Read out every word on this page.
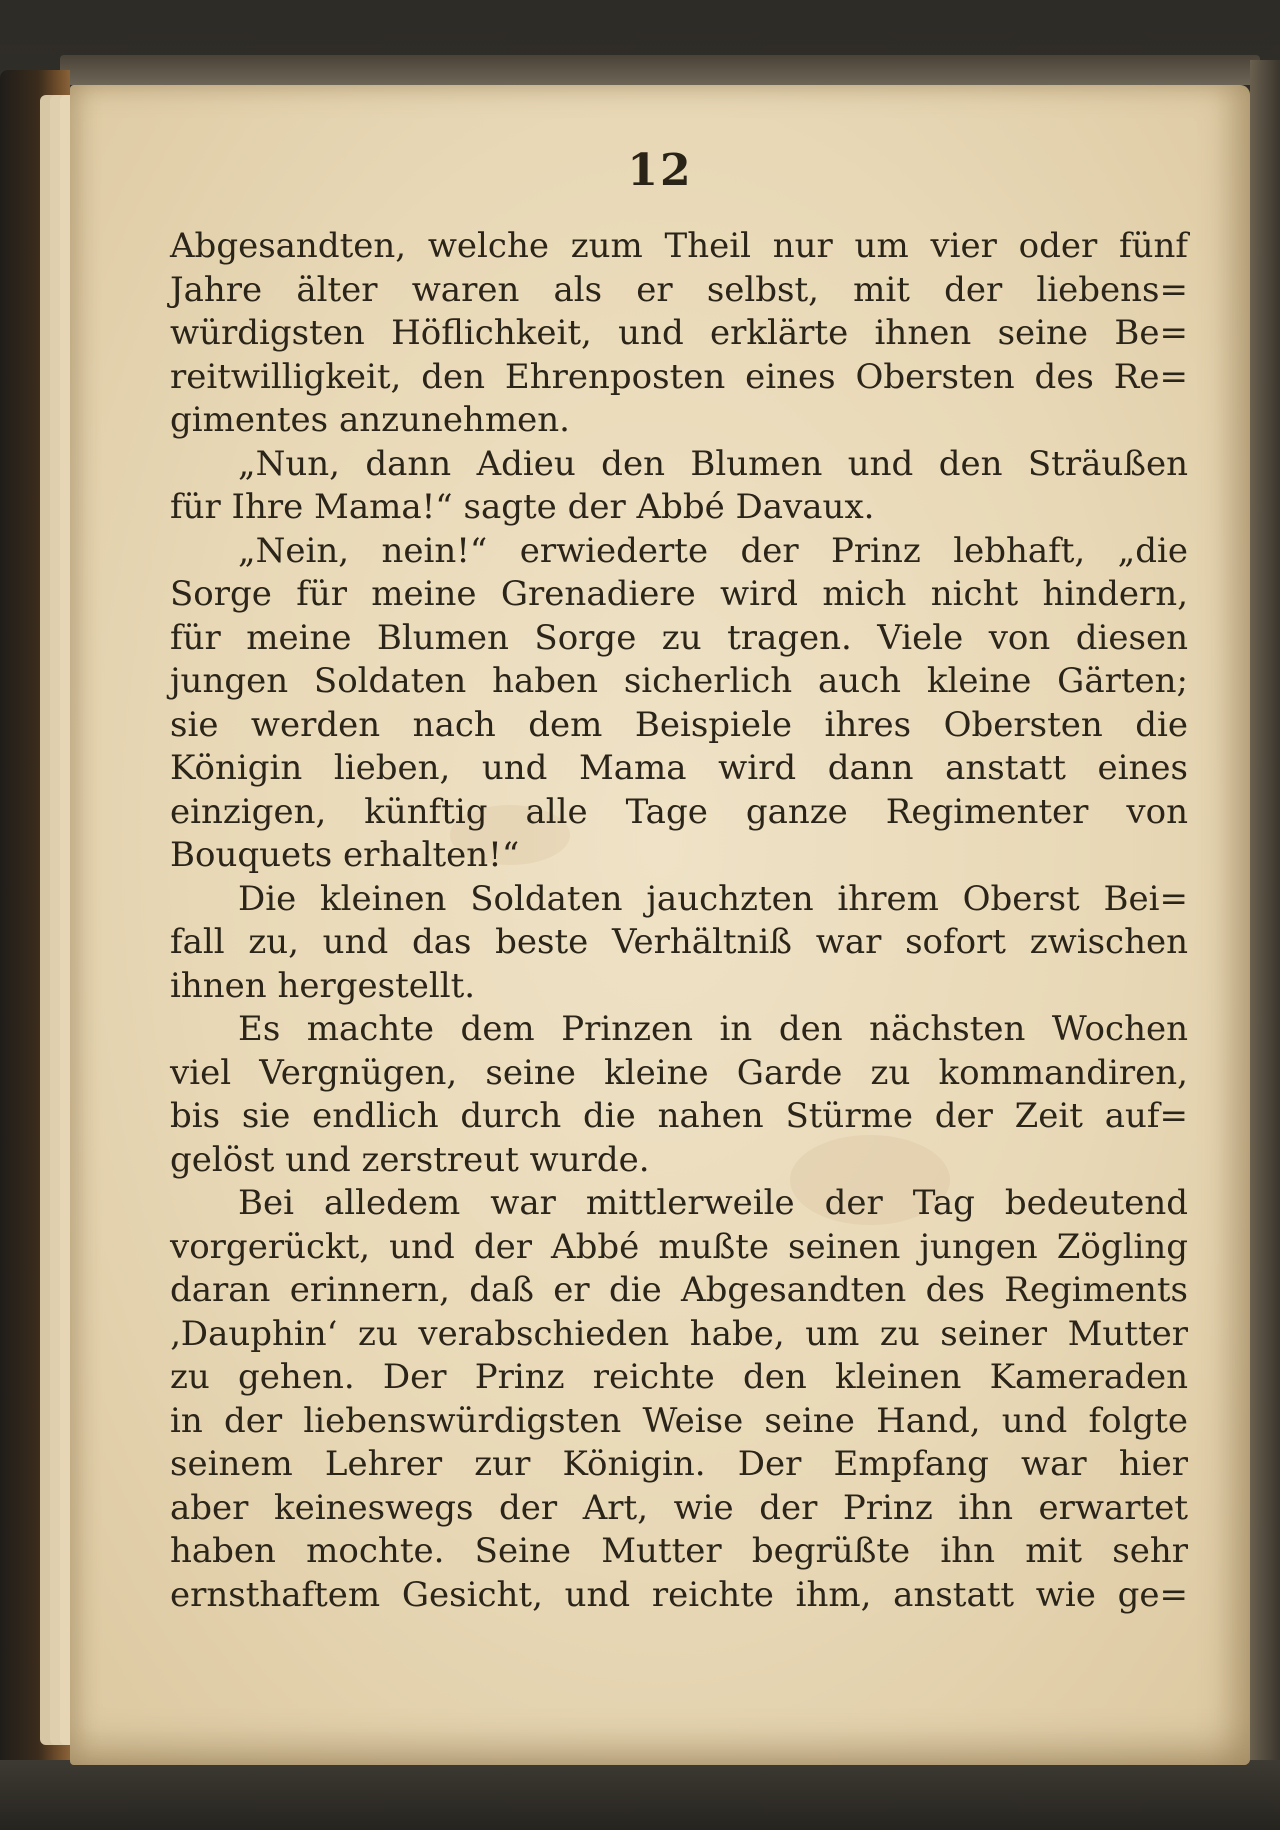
12
Abgesandten, welche zum Theil nur um vier oder fünf
Jahre älter waren als er selbst, mit der liebens=
würdigsten Höflichkeit, und erklärte ihnen seine Be=
reitwilligkeit, den Ehrenposten eines Obersten des Re=
gimentes anzunehmen.
„Nun, dann Adieu den Blumen und den Sträußen
für Ihre Mama!“ sagte der Abbé Davaux.
„Nein, nein!“ erwiederte der Prinz lebhaft, „die
Sorge für meine Grenadiere wird mich nicht hindern,
für meine Blumen Sorge zu tragen. Viele von diesen
jungen Soldaten haben sicherlich auch kleine Gärten;
sie werden nach dem Beispiele ihres Obersten die
Königin lieben, und Mama wird dann anstatt eines
einzigen, künftig alle Tage ganze Regimenter von
Bouquets erhalten!“
Die kleinen Soldaten jauchzten ihrem Oberst Bei=
fall zu, und das beste Verhältniß war sofort zwischen
ihnen hergestellt.
Es machte dem Prinzen in den nächsten Wochen
viel Vergnügen, seine kleine Garde zu kommandiren,
bis sie endlich durch die nahen Stürme der Zeit auf=
gelöst und zerstreut wurde.
Bei alledem war mittlerweile der Tag bedeutend
vorgerückt, und der Abbé mußte seinen jungen Zögling
daran erinnern, daß er die Abgesandten des Regiments
‚Dauphin‘ zu verabschieden habe, um zu seiner Mutter
zu gehen. Der Prinz reichte den kleinen Kameraden
in der liebenswürdigsten Weise seine Hand, und folgte
seinem Lehrer zur Königin. Der Empfang war hier
aber keineswegs der Art, wie der Prinz ihn erwartet
haben mochte. Seine Mutter begrüßte ihn mit sehr
ernsthaftem Gesicht, und reichte ihm, anstatt wie ge=
